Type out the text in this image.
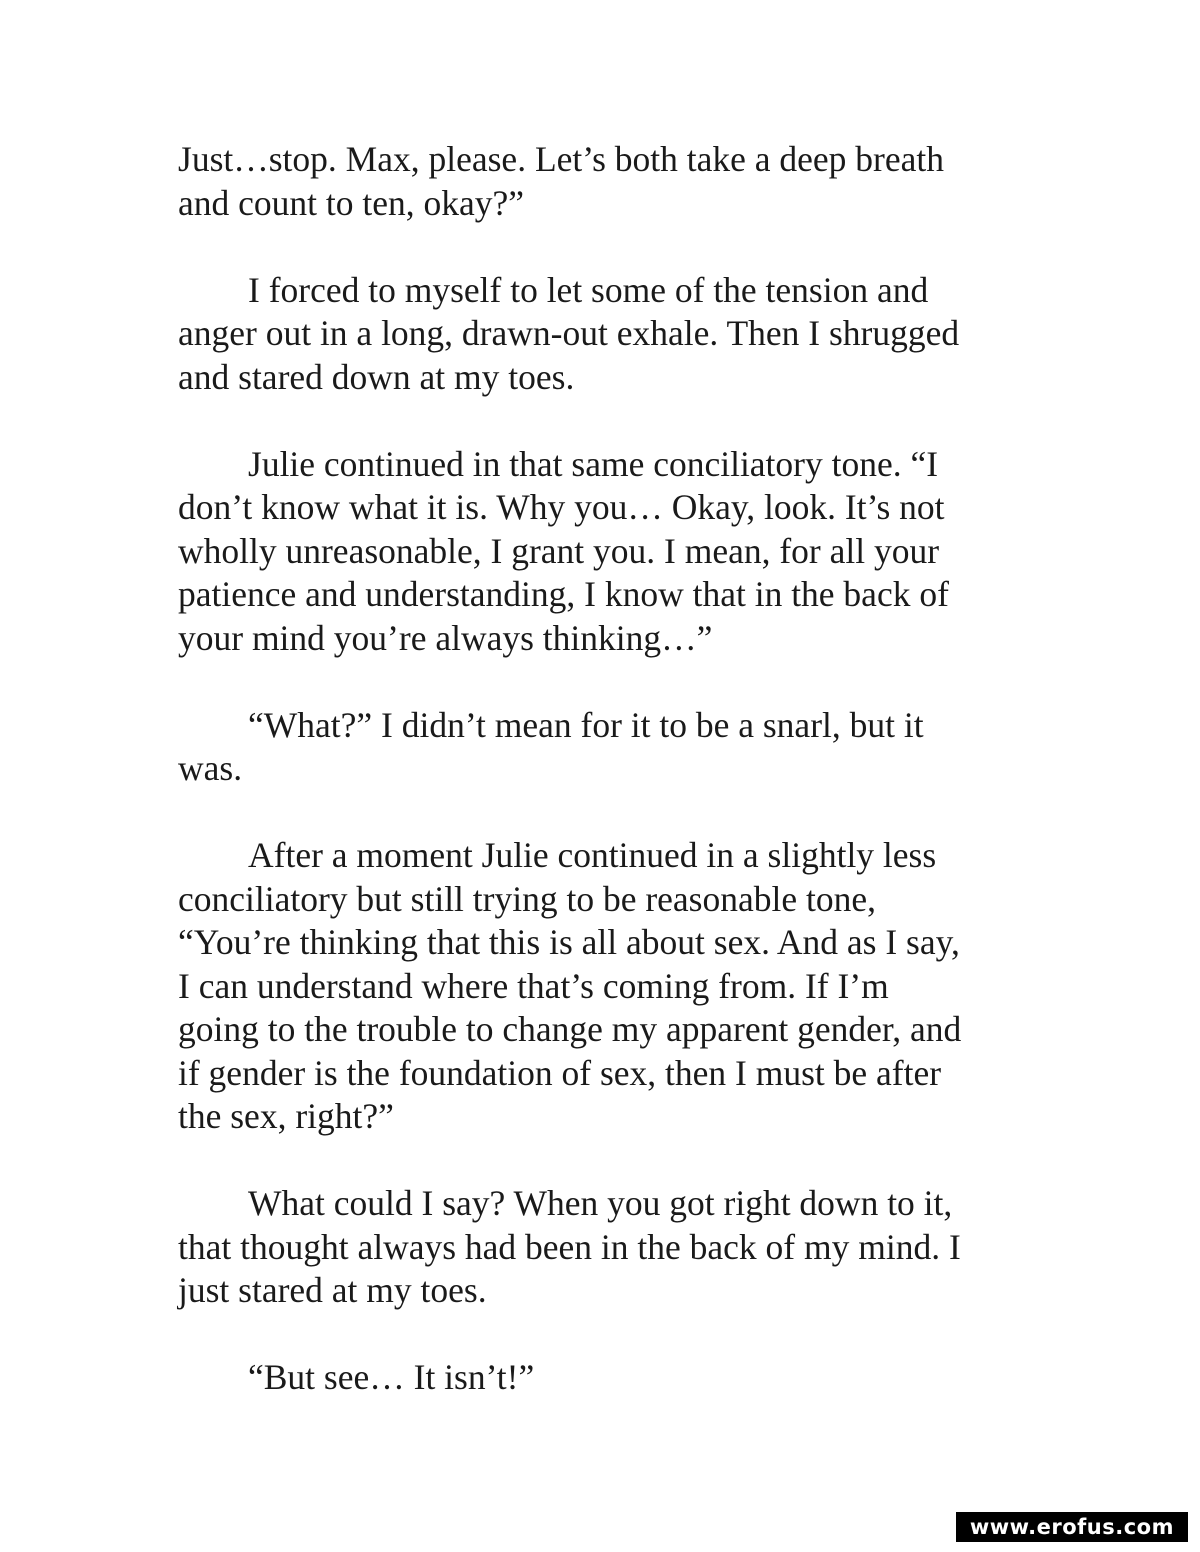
Just…stop. Max, please. Let’s both take a deep breath
and count to ten, okay?”
I forced to myself to let some of the tension and
anger out in a long, drawn-out exhale. Then I shrugged
and stared down at my toes.
Julie continued in that same conciliatory tone. “I
don’t know what it is. Why you… Okay, look. It’s not
wholly unreasonable, I grant you. I mean, for all your
patience and understanding, I know that in the back of
your mind you’re always thinking…”
“What?” I didn’t mean for it to be a snarl, but it
was.
After a moment Julie continued in a slightly less
conciliatory but still trying to be reasonable tone,
“You’re thinking that this is all about sex. And as I say,
I can understand where that’s coming from. If I’m
going to the trouble to change my apparent gender, and
if gender is the foundation of sex, then I must be after
the sex, right?”
What could I say? When you got right down to it,
that thought always had been in the back of my mind. I
just stared at my toes.
“But see… It isn’t!”
www.erofus.com
